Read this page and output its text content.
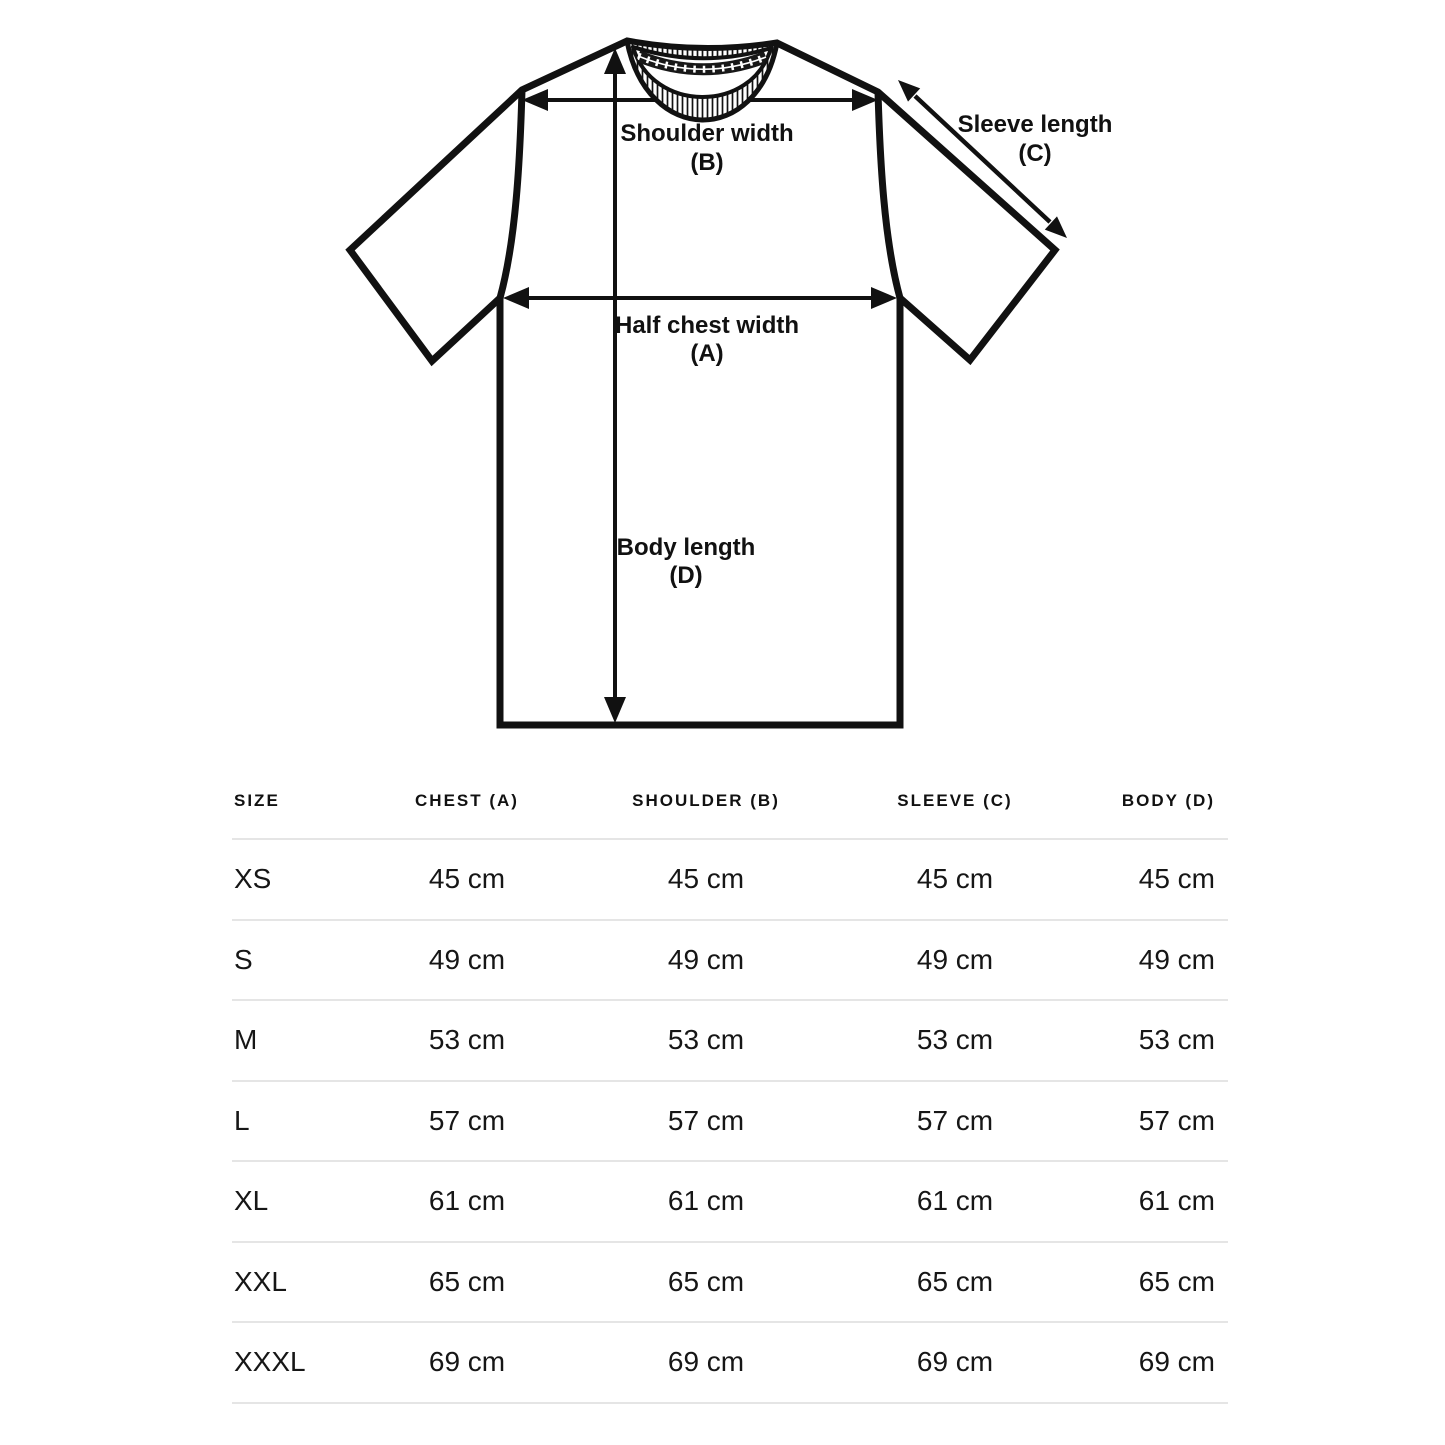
Shoulder width
(B)
Sleeve length
(C)
Half chest width
(A)
Body length
(D)
SIZE	CHEST (A)	SHOULDER (B)	SLEEVE (C)	BODY (D)
XS	45 cm	45 cm	45 cm	45 cm
S	49 cm	49 cm	49 cm	49 cm
M	53 cm	53 cm	53 cm	53 cm
L	57 cm	57 cm	57 cm	57 cm
XL	61 cm	61 cm	61 cm	61 cm
XXL	65 cm	65 cm	65 cm	65 cm
XXXL	69 cm	69 cm	69 cm	69 cm
